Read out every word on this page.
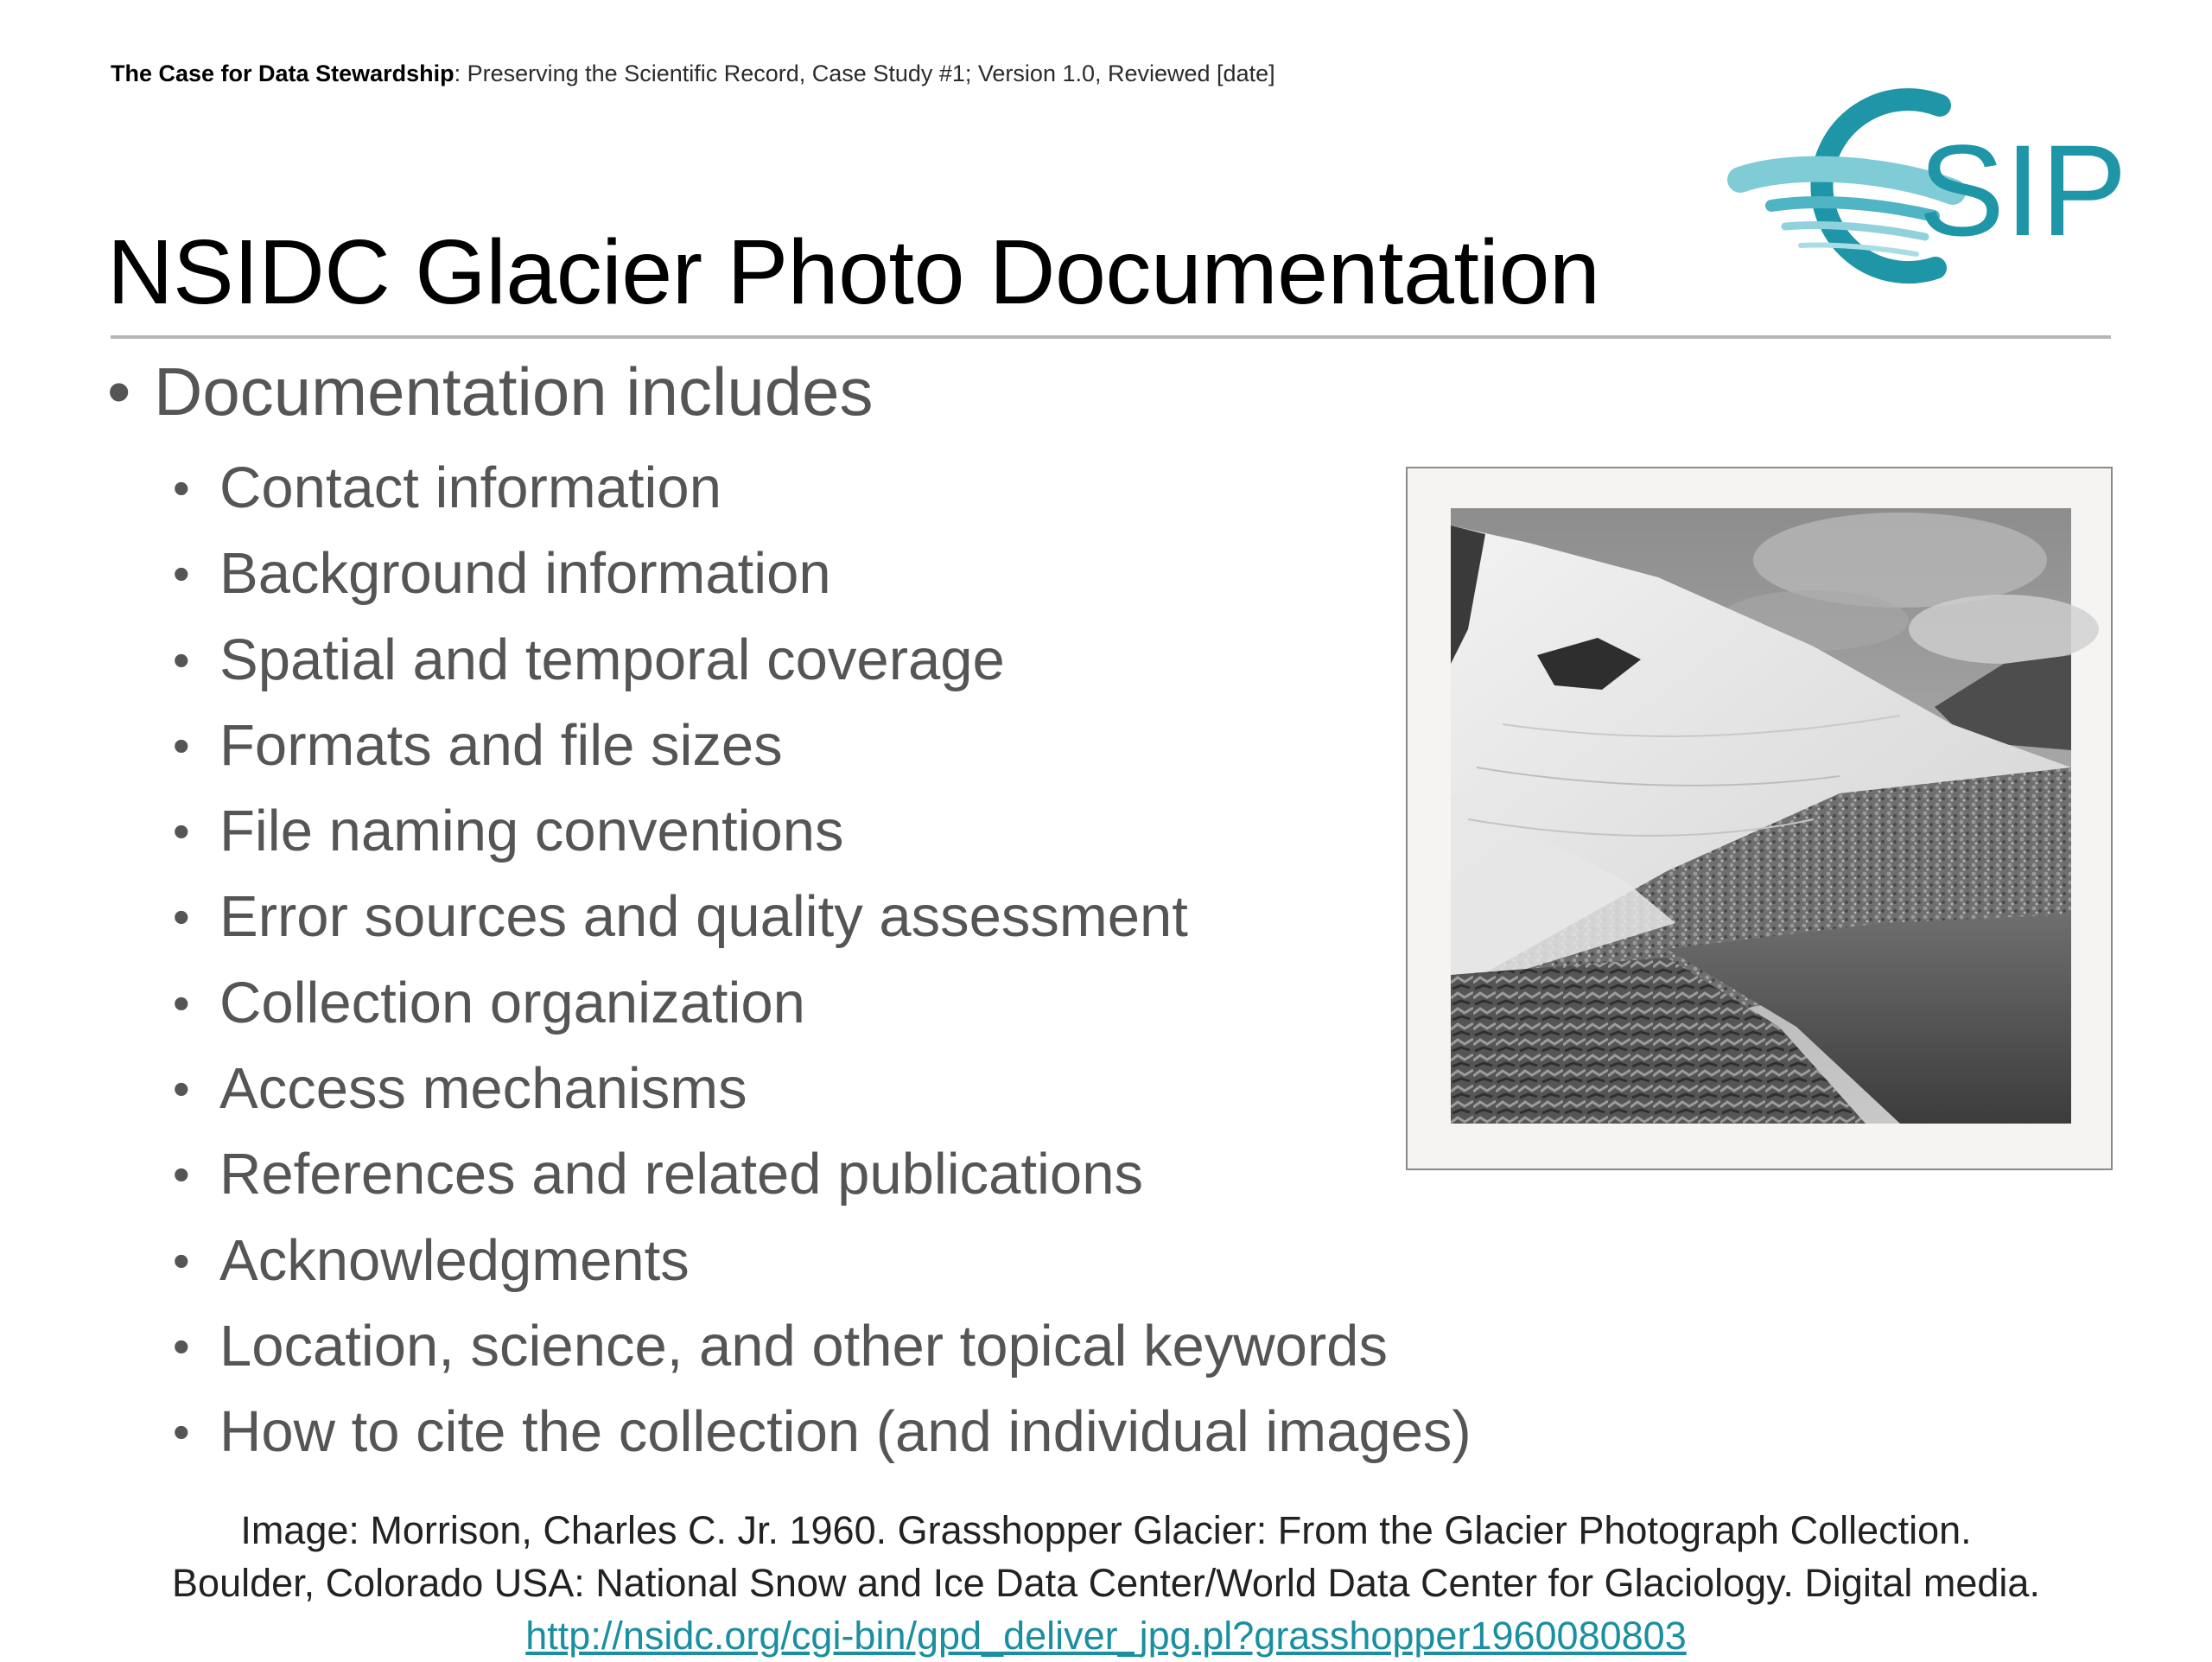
The Case for Data Stewardship: Preserving the Scientific Record, Case Study #1; Version 1.0, Reviewed [date]
SIP
NSIDC Glacier Photo Documentation
• Documentation includes
• Contact information
• Background information
• Spatial and temporal coverage
• Formats and file sizes
• File naming conventions
• Error sources and quality assessment
• Collection organization
• Access mechanisms
• References and related publications
• Acknowledgments
• Location, science, and other topical keywords
• How to cite the collection (and individual images)
Image: Morrison, Charles C. Jr. 1960. Grasshopper Glacier: From the Glacier Photograph Collection.
Boulder, Colorado USA: National Snow and Ice Data Center/World Data Center for Glaciology. Digital media.
http://nsidc.org/cgi-bin/gpd_deliver_jpg.pl?grasshopper1960080803
